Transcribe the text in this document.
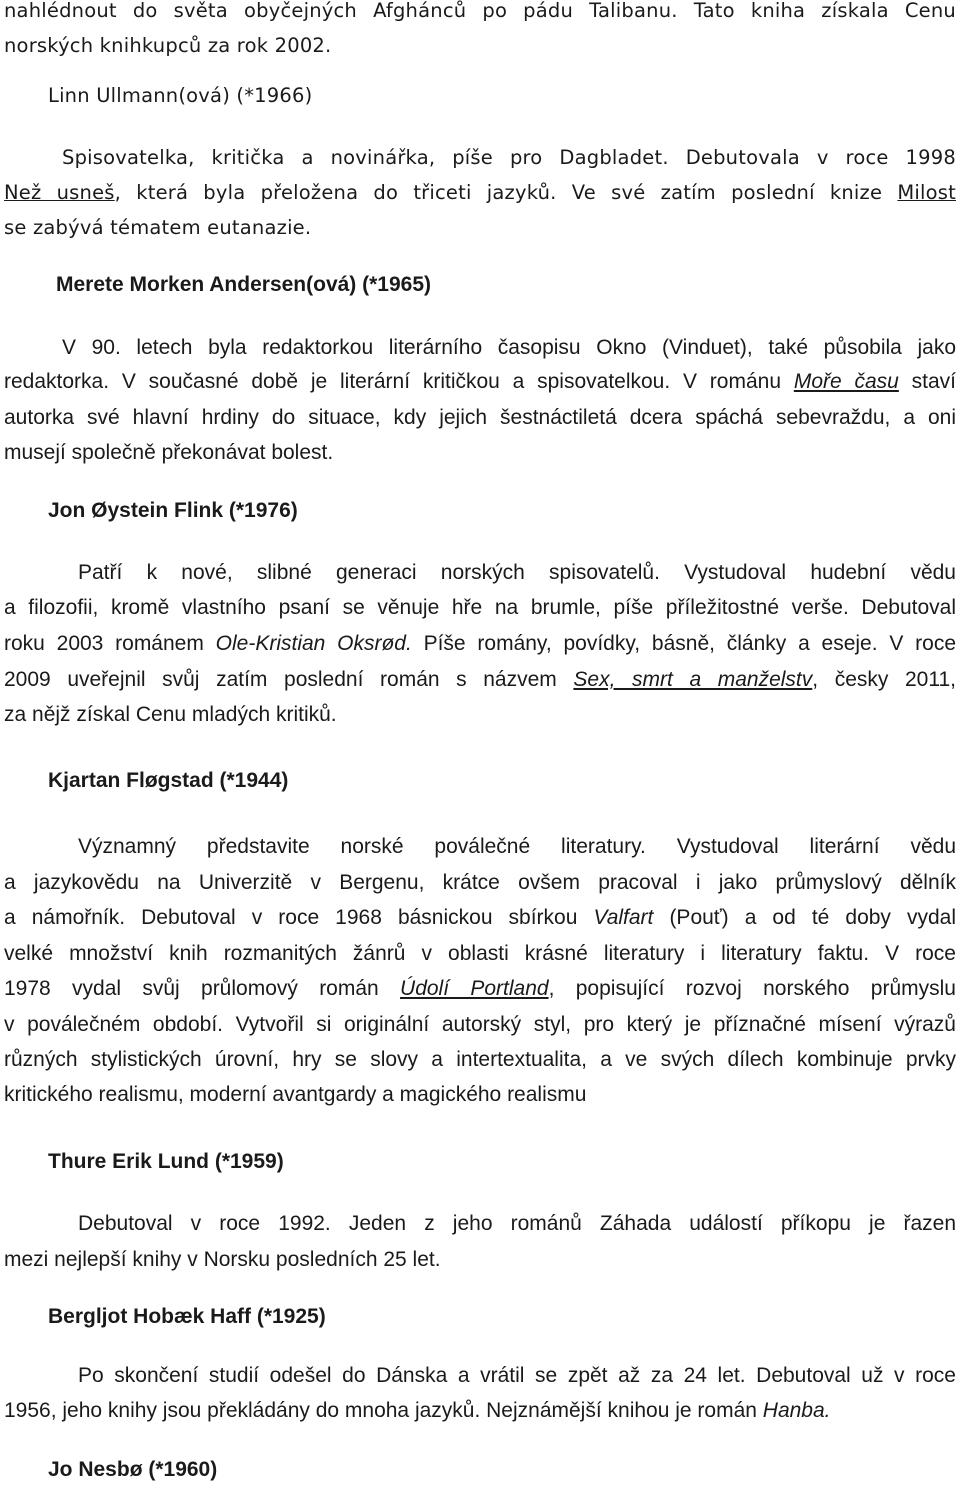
nahlédnout do světa obyčejných Afghánců po pádu Talibanu. Tato kniha získala Cenu
norských knihkupců za rok 2002.
Linn Ullmann(ová) (*1966)
Spisovatelka, kritička a novinářka, píše pro Dagbladet. Debutovala v roce 1998
Než usneš, která byla přeložena do třiceti jazyků. Ve své zatím poslední knize Milost
se zabývá tématem eutanazie.
Merete Morken Andersen(ová) (*1965)
V 90. letech byla redaktorkou literárního časopisu Okno (Vinduet), také působila jako
redaktorka. V současné době je literární kritičkou a spisovatelkou. V románu Moře času staví
autorka své hlavní hrdiny do situace, kdy jejich šestnáctiletá dcera spáchá sebevraždu, a oni
musejí společně překonávat bolest.
Jon Øystein Flink (*1976)
Patří k nové, slibné generaci norských spisovatelů. Vystudoval hudební vědu
a filozofii, kromě vlastního psaní se věnuje hře na brumle, píše příležitostné verše. Debutoval
roku 2003 románem Ole-Kristian Oksrød. Píše romány, povídky, básně, články a eseje. V roce
2009 uveřejnil svůj zatím poslední román s názvem Sex, smrt a manželstv, česky 2011,
za nějž získal Cenu mladých kritiků.
Kjartan Fløgstad (*1944)
Významný představite norské poválečné literatury. Vystudoval literární vědu
a jazykovědu na Univerzitě v Bergenu, krátce ovšem pracoval i jako průmyslový dělník
a námořník. Debutoval v roce 1968 básnickou sbírkou Valfart (Pouť) a od té doby vydal
velké množství knih rozmanitých žánrů v oblasti krásné literatury i literatury faktu. V roce
1978 vydal svůj průlomový román Údolí Portland, popisující rozvoj norského průmyslu
v poválečném období. Vytvořil si originální autorský styl, pro který je příznačné mísení výrazů
různých stylistických úrovní, hry se slovy a intertextualita, a ve svých dílech kombinuje prvky
kritického realismu, moderní avantgardy a magického realismu
Thure Erik Lund (*1959)
Debutoval v roce 1992. Jeden z jeho románů Záhada událostí příkopu je řazen
mezi nejlepší knihy v Norsku posledních 25 let.
Bergljot Hobæk Haff (*1925)
Po skončení studií odešel do Dánska a vrátil se zpět až za 24 let. Debutoval už v roce
1956, jeho knihy jsou překládány do mnoha jazyků. Nejznámější knihou je román Hanba.
Jo Nesbø (*1960)
